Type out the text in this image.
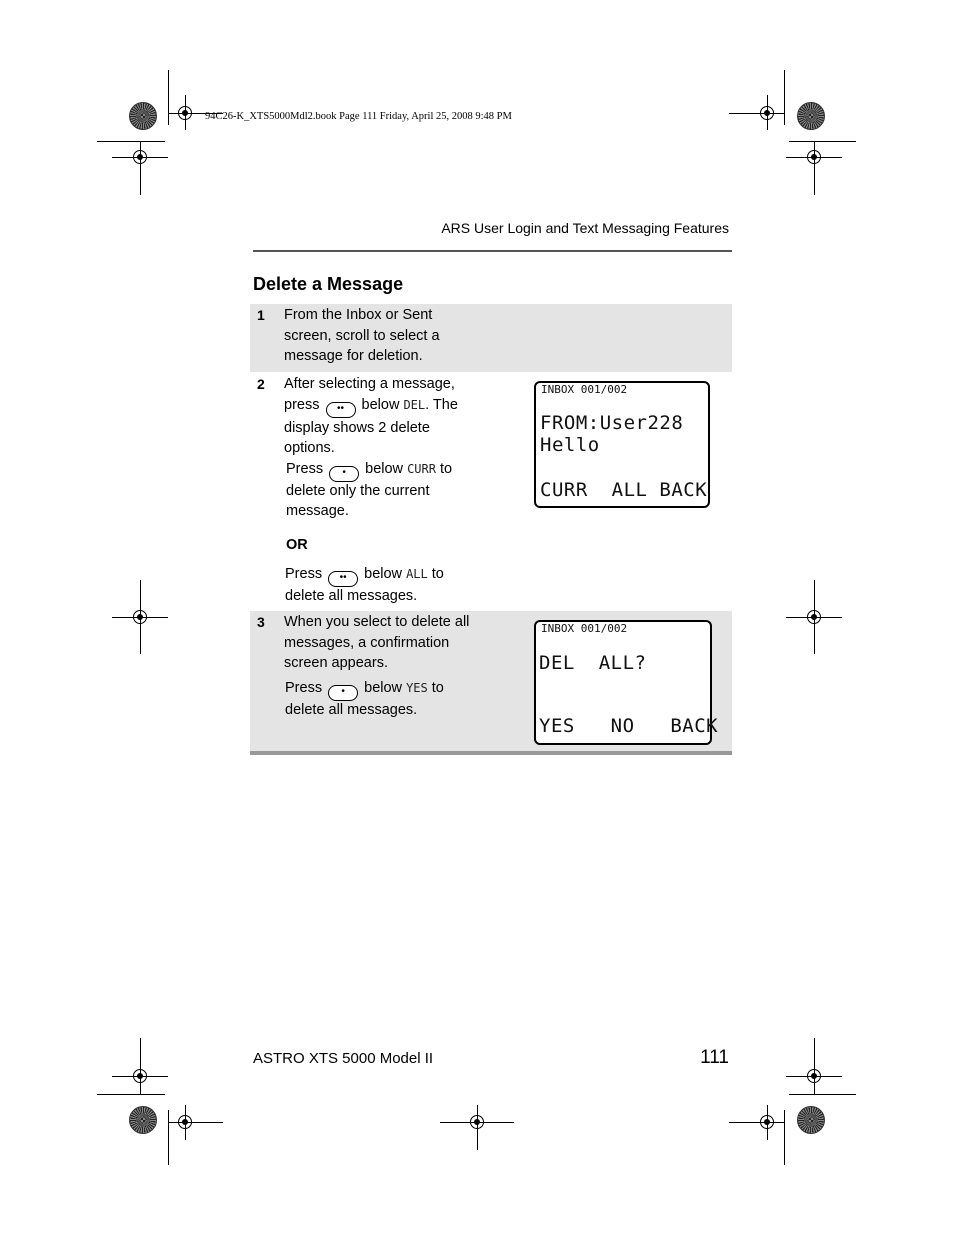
94C26-K_XTS5000Mdl2.book Page 111 Friday, April 25, 2008 9:48 PM
ARS User Login and Text Messaging Features
Delete a Message
1 From the Inbox or Sent screen, scroll to select a message for deletion.
2 After selecting a message, press •• below DEL. The display shows 2 delete options.
Press • below CURR to delete only the current message.
OR
Press •• below ALL to delete all messages.
INBOX 001/002
FROM:User228
Hello
CURR  ALL BACK
3 When you select to delete all messages, a confirmation screen appears.
Press • below YES to delete all messages.
INBOX 001/002
DEL  ALL?
YES   NO   BACK
ASTRO XTS 5000 Model II	111
